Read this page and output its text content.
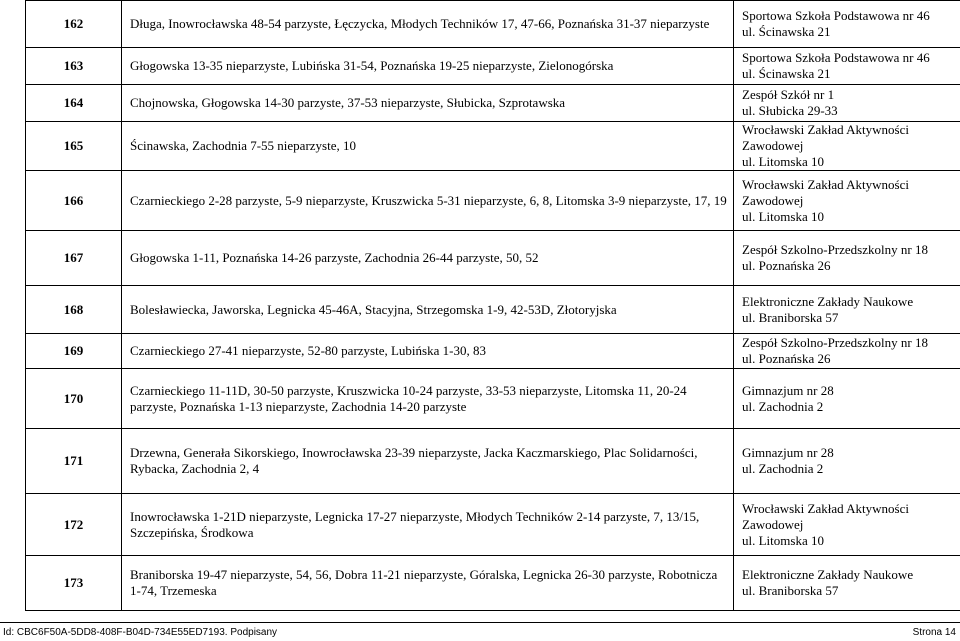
162	Długa, Inowrocławska 48-54 parzyste, Łęczycka, Młodych Techników 17, 47-66, Poznańska 31-37 nieparzyste	Sportowa Szkoła Podstawowa nr 46
ul. Ścinawska 21

163	Głogowska 13-35 nieparzyste, Lubińska 31-54, Poznańska 19-25 nieparzyste, Zielonogórska	Sportowa Szkoła Podstawowa nr 46
ul. Ścinawska 21

164	Chojnowska, Głogowska 14-30 parzyste, 37-53 nieparzyste, Słubicka, Szprotawska	Zespół Szkół nr 1
ul. Słubicka 29-33

165	Ścinawska, Zachodnia 7-55 nieparzyste, 10	Wrocławski Zakład Aktywności
Zawodowej
ul. Litomska 10

166	Czarnieckiego 2-28 parzyste, 5-9 nieparzyste, Kruszwicka 5-31 nieparzyste, 6, 8, Litomska 3-9 nieparzyste, 17, 19	Wrocławski Zakład Aktywności
Zawodowej
ul. Litomska 10

167	Głogowska 1-11, Poznańska 14-26 parzyste, Zachodnia 26-44 parzyste, 50, 52	Zespół Szkolno-Przedszkolny nr 18
ul. Poznańska 26

168	Bolesławiecka, Jaworska, Legnicka 45-46A, Stacyjna, Strzegomska 1-9, 42-53D, Złotoryjska	Elektroniczne Zakłady Naukowe
ul. Braniborska 57

169	Czarnieckiego 27-41 nieparzyste, 52-80 parzyste, Lubińska 1-30, 83	Zespół Szkolno-Przedszkolny nr 18
ul. Poznańska 26

170	Czarnieckiego 11-11D, 30-50 parzyste, Kruszwicka 10-24 parzyste, 33-53 nieparzyste, Litomska 11, 20-24 parzyste, Poznańska 1-13 nieparzyste, Zachodnia 14-20 parzyste	Gimnazjum nr 28
ul. Zachodnia 2

171	Drzewna, Generała Sikorskiego, Inowrocławska 23-39 nieparzyste, Jacka Kaczmarskiego, Plac Solidarności, Rybacka, Zachodnia 2, 4	Gimnazjum nr 28
ul. Zachodnia 2

172	Inowrocławska 1-21D nieparzyste, Legnicka 17-27 nieparzyste, Młodych Techników 2-14 parzyste, 7, 13/15, Szczepińska, Środkowa	Wrocławski Zakład Aktywności
Zawodowej
ul. Litomska 10

173	Braniborska 19-47 nieparzyste, 54, 56, Dobra 11-21 nieparzyste, Góralska, Legnicka 26-30 parzyste, Robotnicza 1-74, Trzemeska	Elektroniczne Zakłady Naukowe
ul. Braniborska 57
Id: CBC6F50A-5DD8-408F-B04D-734E55ED7193. Podpisany	Strona 14
